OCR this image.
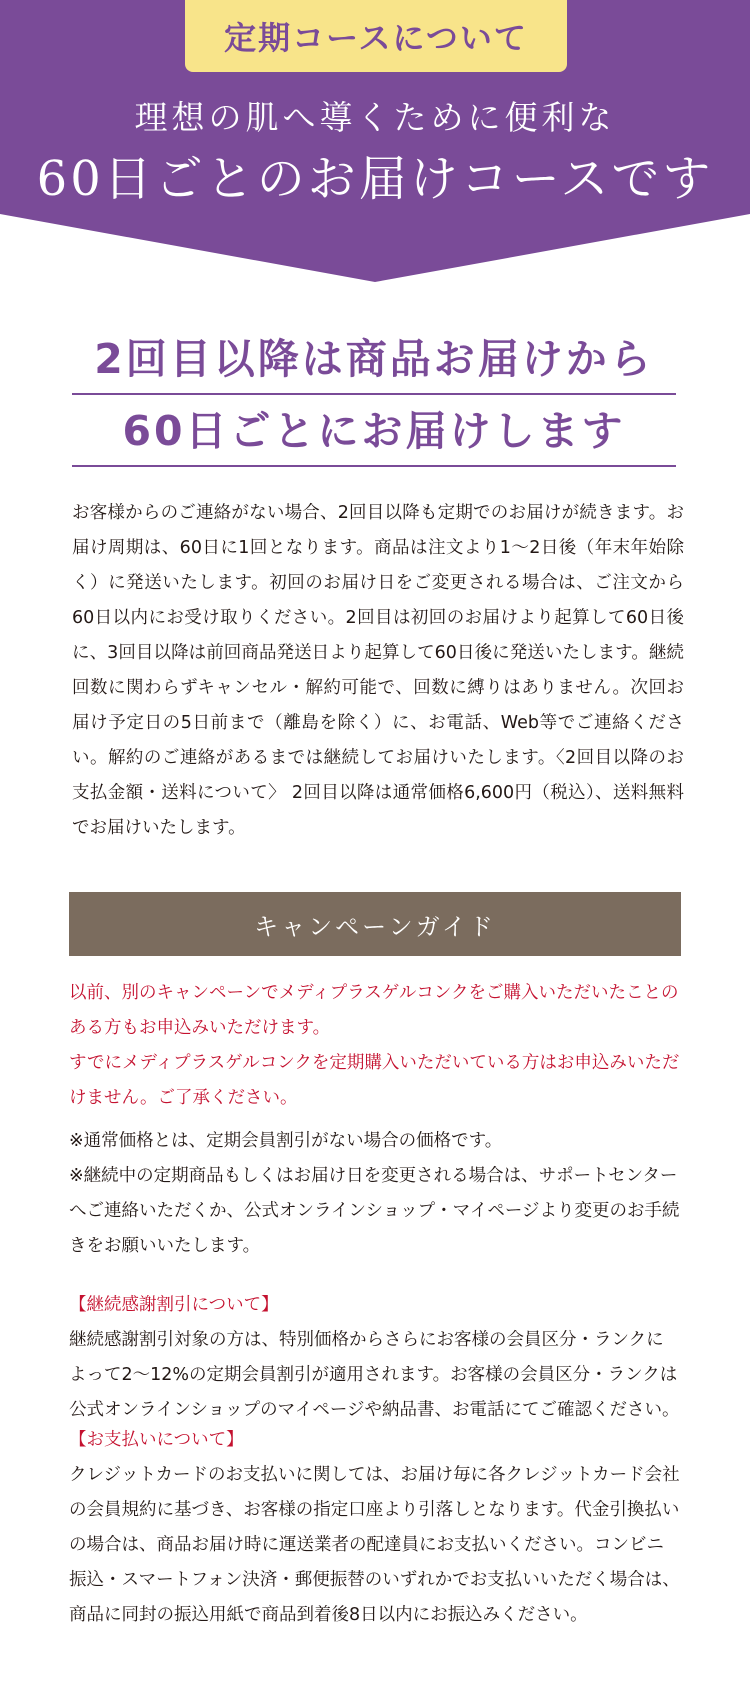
定期コースについて
理想の肌へ導くために便利な
60日ごとのお届けコースです
2回目以降は商品お届けから
60日ごとにお届けします

お客様からのご連絡がない場合、2回目以降も定期でのお届けが続きます。お届け周期は、60日に1回となります。商品は注文より1〜2日後（年末年始除く）に発送いたします。初回のお届け日をご変更される場合は、ご注文から60日以内にお受け取りください。2回目は初回のお届けより起算して60日後に、3回目以降は前回商品発送日より起算して60日後に発送いたします。継続回数に関わらずキャンセル・解約可能で、回数に縛りはありません。次回お届け予定日の5日前まで（離島を除く）に、お電話、Web等でご連絡ください。解約のご連絡があるまでは継続してお届けいたします。〈2回目以降のお支払金額・送料について〉 2回目以降は通常価格6,600円（税込）、送料無料でお届けいたします。

キャンペーンガイド

以前、別のキャンペーンでメディプラスゲルコンクをご購入いただいたことのある方もお申込みいただけます。

すでにメディプラスゲルコンクを定期購入いただいている方はお申込みいただけません。ご了承ください。

※通常価格とは、定期会員割引がない場合の価格です。

※継続中の定期商品もしくはお届け日を変更される場合は、サポートセンターへご連絡いただくか、公式オンラインショップ・マイページより変更のお手続きをお願いいたします。

【継続感謝割引について】

継続感謝割引対象の方は、特別価格からさらにお客様の会員区分・ランクによって2〜12%の定期会員割引が適用されます。お客様の会員区分・ランクは公式オンラインショップのマイページや納品書、お電話にてご確認ください。

【お支払いについて】

クレジットカードのお支払いに関しては、お届け毎に各クレジットカード会社の会員規約に基づき、お客様の指定口座より引落しとなります。代金引換払いの場合は、商品お届け時に運送業者の配達員にお支払いください。コンビニ振込・スマートフォン決済・郵便振替のいずれかでお支払いいただく場合は、商品に同封の振込用紙で商品到着後8日以内にお振込みください。
